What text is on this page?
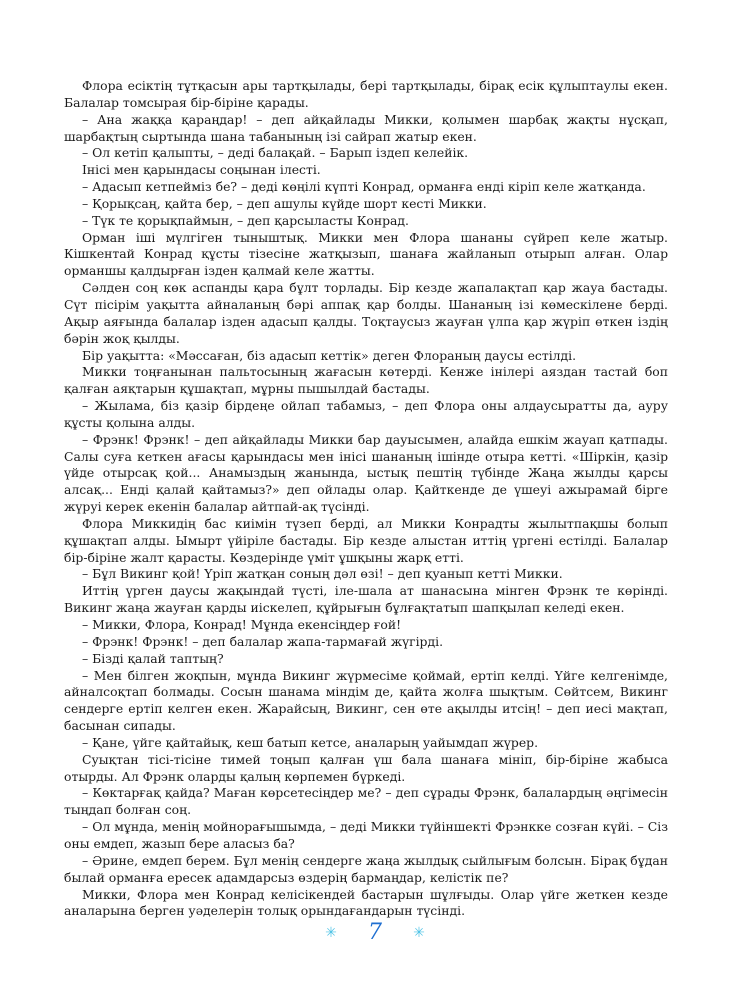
Флора есіктің тұтқасын ары тартқылады, бері тартқылады, бірақ есік құлыптаулы екен. Балалар томсырая бір-біріне қарады.

– Ана жаққа қараңдар! – деп айқайлады Микки, қолымен шарбақ жақты нұсқап, шарбақтың сыртында шана табанының ізі сайрап жатыр екен.

– Ол кетіп қалыпты, – деді балақай. – Барып іздеп келейік.

Інісі мен қарындасы соңынан ілесті.

– Адасып кетпейміз бе? – деді көңілі күпті Конрад, орманға енді кіріп келе жатқанда.

– Қорықсаң, қайта бер, – деп ашулы күйде шорт кесті Микки.

– Түк те қорықпаймын, – деп қарсыласты Конрад.

Орман іші мүлгіген тыныштық. Микки мен Флора шананы сүйреп келе жатыр. Кішкентай Конрад құсты тізесіне жатқызып, шанаға жайланып отырып алған. Олар орманшы қалдырған ізден қалмай келе жатты.

Сәлден соң көк аспанды қара бұлт торлады. Бір кезде жапалақтап қар жауа бастады. Сүт пісірім уақытта айналаның бәрі аппақ қар болды. Шананың ізі көмескілене берді. Ақыр аяғында балалар ізден адасып қалды. Тоқтаусыз жауған үлпа қар жүріп өткен іздің бәрін жоқ қылды.

Бір уақытта: «Мәссаған, біз адасып кеттік» деген Флораның даусы естілді.

Микки тоңғанынан пальтосының жағасын көтерді. Кенже інілері аяздан тастай боп қалған аяқтарын құшақтап, мұрны пышылдай бастады.

– Жылама, біз қазір бірдеңе ойлап табамыз, – деп Флора оны алдаусыратты да, ауру құсты қолына алды.

– Фрэнк! Фрэнк! – деп айқайлады Микки бар дауысымен, алайда ешкім жауап қатпады. Салы суға кеткен ағасы қарындасы мен інісі шананың ішінде отыра кетті. «Шіркін, қазір үйде отырсақ қой... Анамыздың жанында, ыстық пештің түбінде Жаңа жылды қарсы алсақ... Енді қалай қайтамыз?» деп ойлады олар. Қайткенде де үшеуі ажырамай бірге жүруі керек екенін балалар айтпай-ақ түсінді.

Флора Миккидің бас киімін түзеп берді, ал Микки Конрадты жылытпақшы болып құшақтап алды. Ымырт үйіріле бастады. Бір кезде алыстан иттің үргені естілді. Балалар бір-біріне жалт қарасты. Көздерінде үміт ұшқыны жарқ етті.

– Бұл Викинг қой! Үріп жатқан соның дәл өзі! – деп қуанып кетті Микки.

Иттің үрген даусы жақындай түсті, іле-шала ат шанасына мінген Фрэнк те көрінді. Викинг жаңа жауған қарды иіскелеп, құйрығын бұлғақтатып шапқылап келеді екен.

– Микки, Флора, Конрад! Мұнда екенсіңдер ғой!

– Фрэнк! Фрэнк! – деп балалар жапа-тармағай жүгірді.

– Бізді қалай таптың?

– Мен білген жоқпын, мұнда Викинг жүрмесіме қоймай, ертіп келді. Үйге келгенімде, айналсоқтап болмады. Сосын шанама міндім де, қайта жолға шықтым. Сөйтсем, Викинг сендерге ертіп келген екен. Жарайсың, Викинг, сен өте ақылды итсің! – деп иесі мақтап, басынан сипады.

– Қане, үйге қайтайық, кеш батып кетсе, аналарың уайымдап жүрер.

Суықтан тісі-тісіне тимей тоңып қалған үш бала шанаға мініп, бір-біріне жабыса отырды. Ал Фрэнк оларды қалың көрпемен бүркеді.

– Көктарғақ қайда? Маған көрсетесіңдер ме? – деп сұрады Фрэнк, балалардың әңгімесін тыңдап болған соң.

– Ол мұнда, менің мойнорағышымда, – деді Микки түйіншекті Фрэнкке созған күйі. – Сіз оны емдеп, жазып бере аласыз ба?

– Әрине, емдеп берем. Бұл менің сендерге жаңа жылдық сыйлығым болсын. Бірақ бұдан былай орманға ересек адамдарсыз өздерің бармаңдар, келістік пе?

Микки, Флора мен Конрад келісікендей бастарын шұлғыды. Олар үйге жеткен кезде аналарына берген уәделерін толық орындағандарын түсінді.

✳ 7 ✳
